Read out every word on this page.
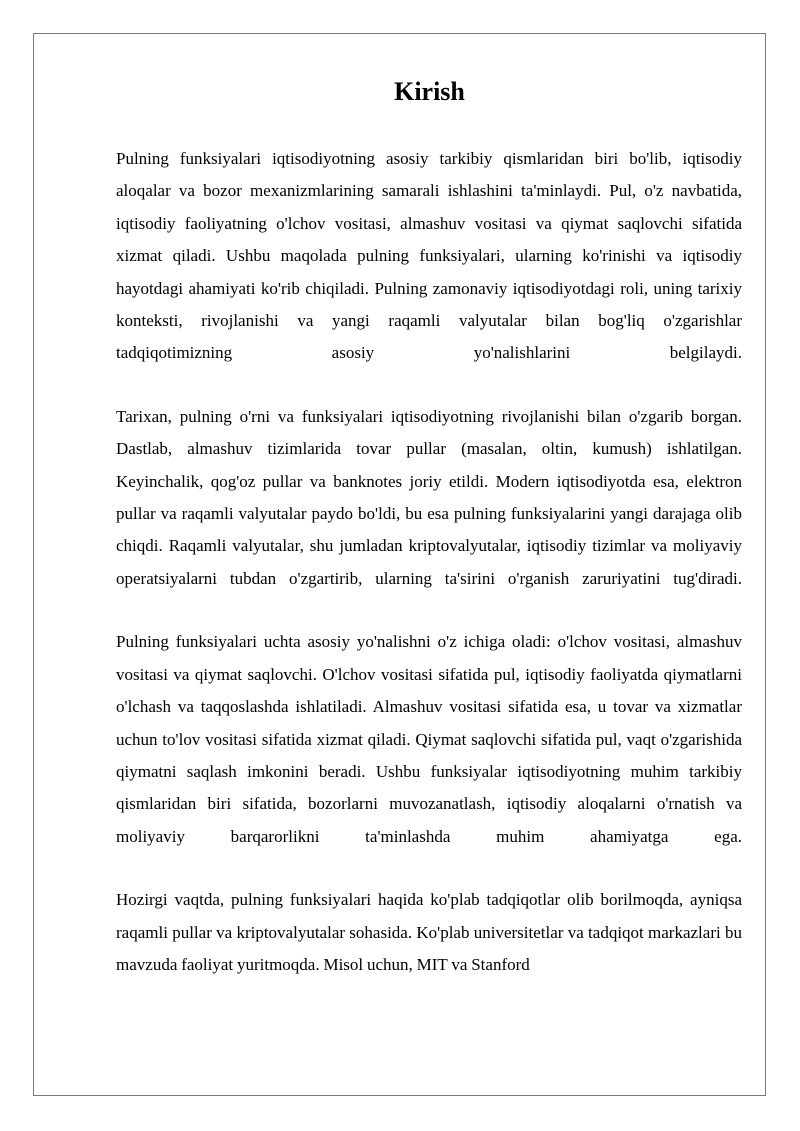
Kirish

Pulning funksiyalari iqtisodiyotning asosiy tarkibiy qismlaridan biri bo'lib, iqtisodiy aloqalar va bozor mexanizmlarining samarali ishlashini ta'minlaydi. Pul, o'z navbatida, iqtisodiy faoliyatning o'lchov vositasi, almashuv vositasi va qiymat saqlovchi sifatida xizmat qiladi. Ushbu maqolada pulning funksiyalari, ularning ko'rinishi va iqtisodiy hayotdagi ahamiyati ko'rib chiqiladi. Pulning zamonaviy iqtisodiyotdagi roli, uning tarixiy konteksti, rivojlanishi va yangi raqamli valyutalar bilan bog'liq o'zgarishlar tadqiqotimizning asosiy yo'nalishlarini belgilaydi.

Tarixan, pulning o'rni va funksiyalari iqtisodiyotning rivojlanishi bilan o'zgarib borgan. Dastlab, almashuv tizimlarida tovar pullar (masalan, oltin, kumush) ishlatilgan. Keyinchalik, qog'oz pullar va banknotes joriy etildi. Modern iqtisodiyotda esa, elektron pullar va raqamli valyutalar paydo bo'ldi, bu esa pulning funksiyalarini yangi darajaga olib chiqdi. Raqamli valyutalar, shu jumladan kriptovalyutalar, iqtisodiy tizimlar va moliyaviy operatsiyalarni tubdan o'zgartirib, ularning ta'sirini o'rganish zaruriyatini tug'diradi.

Pulning funksiyalari uchta asosiy yo'nalishni o'z ichiga oladi: o'lchov vositasi, almashuv vositasi va qiymat saqlovchi. O'lchov vositasi sifatida pul, iqtisodiy faoliyatda qiymatlarni o'lchash va taqqoslashda ishlatiladi. Almashuv vositasi sifatida esa, u tovar va xizmatlar uchun to'lov vositasi sifatida xizmat qiladi. Qiymat saqlovchi sifatida pul, vaqt o'zgarishida qiymatni saqlash imkonini beradi. Ushbu funksiyalar iqtisodiyotning muhim tarkibiy qismlaridan biri sifatida, bozorlarni muvozanatlash, iqtisodiy aloqalarni o'rnatish va moliyaviy barqarorlikni ta'minlashda muhim ahamiyatga ega.

Hozirgi vaqtda, pulning funksiyalari haqida ko'plab tadqiqotlar olib borilmoqda, ayniqsa raqamli pullar va kriptovalyutalar sohasida. Ko'plab universitetlar va tadqiqot markazlari bu mavzuda faoliyat yuritmoqda. Misol uchun, MIT va Stanford
